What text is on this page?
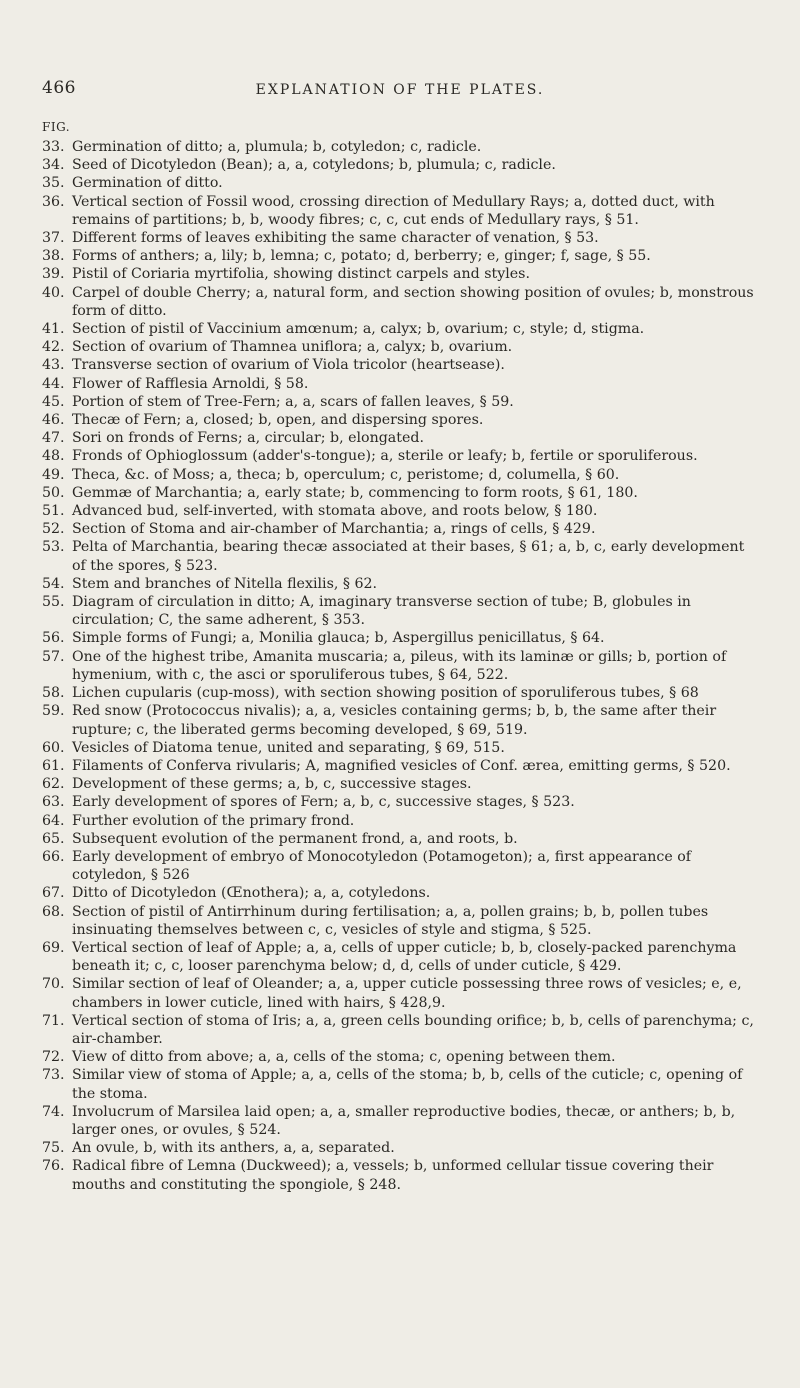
466	EXPLANATION OF THE PLATES.
FIG.
33. Germination of ditto; a, plumula; b, cotyledon; c, radicle.
34. Seed of Dicotyledon (Bean); a, a, cotyledons; b, plumula; c, radicle.
35. Germination of ditto.
36. Vertical section of Fossil wood, crossing direction of Medullary Rays; a, dotted duct, with remains of partitions; b, b, woody fibres; c, c, cut ends of Medullary rays, § 51.
37. Different forms of leaves exhibiting the same character of venation, § 53.
38. Forms of anthers; a, lily; b, lemna; c, potato; d, berberry; e, ginger; f, sage, § 55.
39. Pistil of Coriaria myrtifolia, showing distinct carpels and styles.
40. Carpel of double Cherry; a, natural form, and section showing position of ovules; b, monstrous form of ditto.
41. Section of pistil of Vaccinium amœnum; a, calyx; b, ovarium; c, style; d, stigma.
42. Section of ovarium of Thamnea uniflora; a, calyx; b, ovarium.
43. Transverse section of ovarium of Viola tricolor (heartsease).
44. Flower of Rafflesia Arnoldi, § 58.
45. Portion of stem of Tree-Fern; a, a, scars of fallen leaves, § 59.
46. Thecæ of Fern; a, closed; b, open, and dispersing spores.
47. Sori on fronds of Ferns; a, circular; b, elongated.
48. Fronds of Ophioglossum (adder's-tongue); a, sterile or leafy; b, fertile or sporuliferous.
49. Theca, &c. of Moss; a, theca; b, operculum; c, peristome; d, columella, § 60.
50. Gemmæ of Marchantia; a, early state; b, commencing to form roots, § 61, 180.
51. Advanced bud, self-inverted, with stomata above, and roots below, § 180.
52. Section of Stoma and air-chamber of Marchantia; a, rings of cells, § 429.
53. Pelta of Marchantia, bearing thecæ associated at their bases, § 61; a, b, c, early development of the spores, § 523.
54. Stem and branches of Nitella flexilis, § 62.
55. Diagram of circulation in ditto; A, imaginary transverse section of tube; B, globules in circulation; C, the same adherent, § 353.
56. Simple forms of Fungi; a, Monilia glauca; b, Aspergillus penicillatus, § 64.
57. One of the highest tribe, Amanita muscaria; a, pileus, with its laminæ or gills; b, portion of hymenium, with c, the asci or sporuliferous tubes, § 64, 522.
58. Lichen cupularis (cup-moss), with section showing position of sporuliferous tubes, § 68
59. Red snow (Protococcus nivalis); a, a, vesicles containing germs; b, b, the same after their rupture; c, the liberated germs becoming developed, § 69, 519.
60. Vesicles of Diatoma tenue, united and separating, § 69, 515.
61. Filaments of Conferva rivularis; A, magnified vesicles of Conf. ærea, emitting germs, § 520.
62. Development of these germs; a, b, c, successive stages.
63. Early development of spores of Fern; a, b, c, successive stages, § 523.
64. Further evolution of the primary frond.
65. Subsequent evolution of the permanent frond, a, and roots, b.
66. Early development of embryo of Monocotyledon (Potamogeton); a, first appearance of cotyledon, § 526
67. Ditto of Dicotyledon (Œnothera); a, a, cotyledons.
68. Section of pistil of Antirrhinum during fertilisation; a, a, pollen grains; b, b, pollen tubes insinuating themselves between c, c, vesicles of style and stigma, § 525.
69. Vertical section of leaf of Apple; a, a, cells of upper cuticle; b, b, closely-packed parenchyma beneath it; c, c, looser parenchyma below; d, d, cells of under cuticle, § 429.
70. Similar section of leaf of Oleander; a, a, upper cuticle possessing three rows of vesicles; e, e, chambers in lower cuticle, lined with hairs, § 428,9.
71. Vertical section of stoma of Iris; a, a, green cells bounding orifice; b, b, cells of parenchyma; c, air-chamber.
72. View of ditto from above; a, a, cells of the stoma; c, opening between them.
73. Similar view of stoma of Apple; a, a, cells of the stoma; b, b, cells of the cuticle; c, opening of the stoma.
74. Involucrum of Marsilea laid open; a, a, smaller reproductive bodies, thecæ, or anthers; b, b, larger ones, or ovules, § 524.
75. An ovule, b, with its anthers, a, a, separated.
76. Radical fibre of Lemna (Duckweed); a, vessels; b, unformed cellular tissue covering their mouths and constituting the spongiole, § 248.
